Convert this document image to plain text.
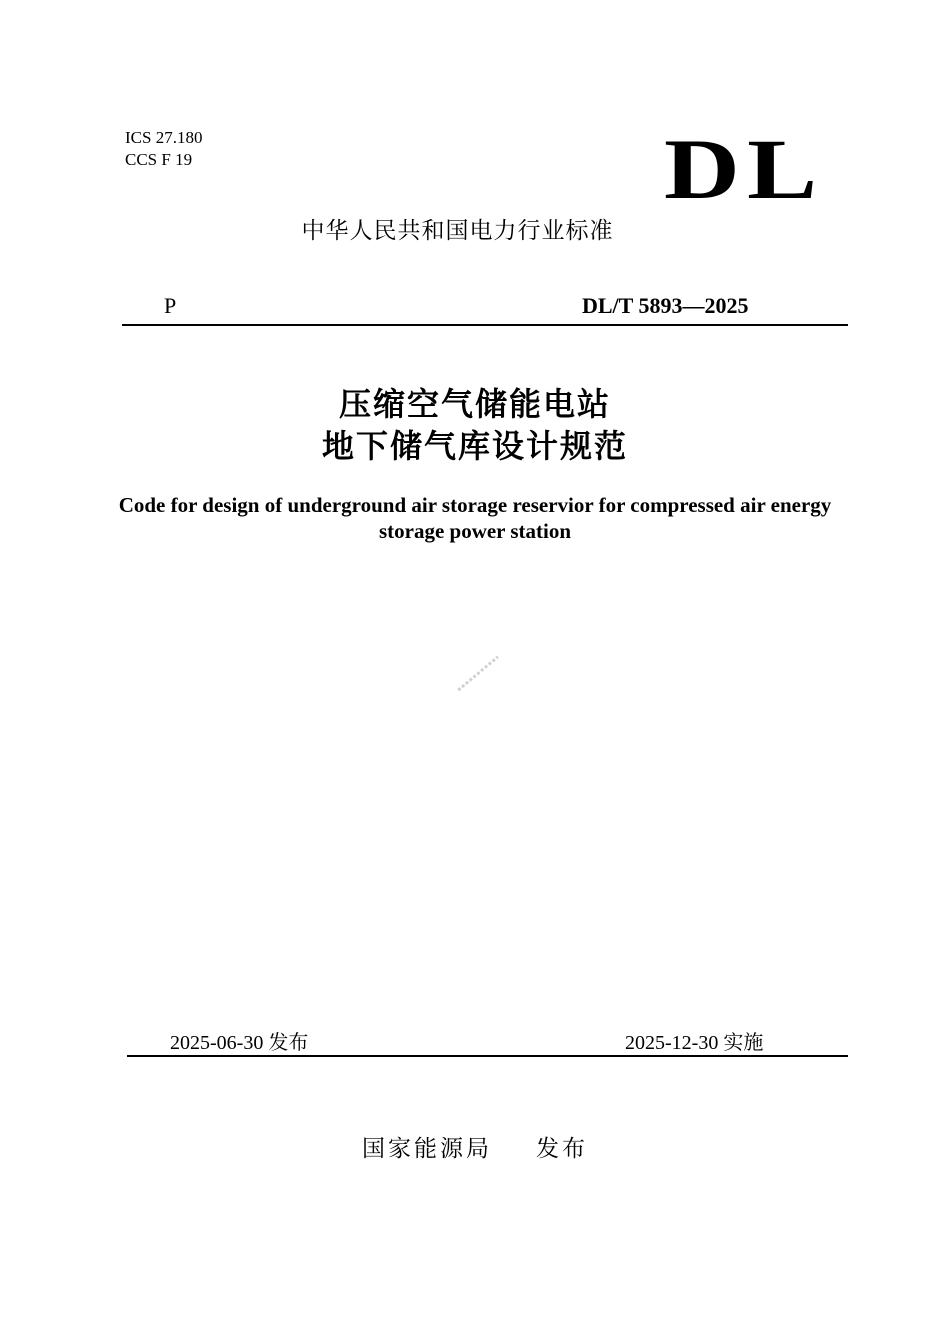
ICS 27.180
CCS F 19	DL
中华人民共和国电力行业标准
P	DL/T 5893—2025
压缩空气储能电站
地下储气库设计规范
Code for design of underground air storage reservior for compressed air energy storage power station
2025-06-30 发布	2025-12-30 实施
国家能源局 发布
